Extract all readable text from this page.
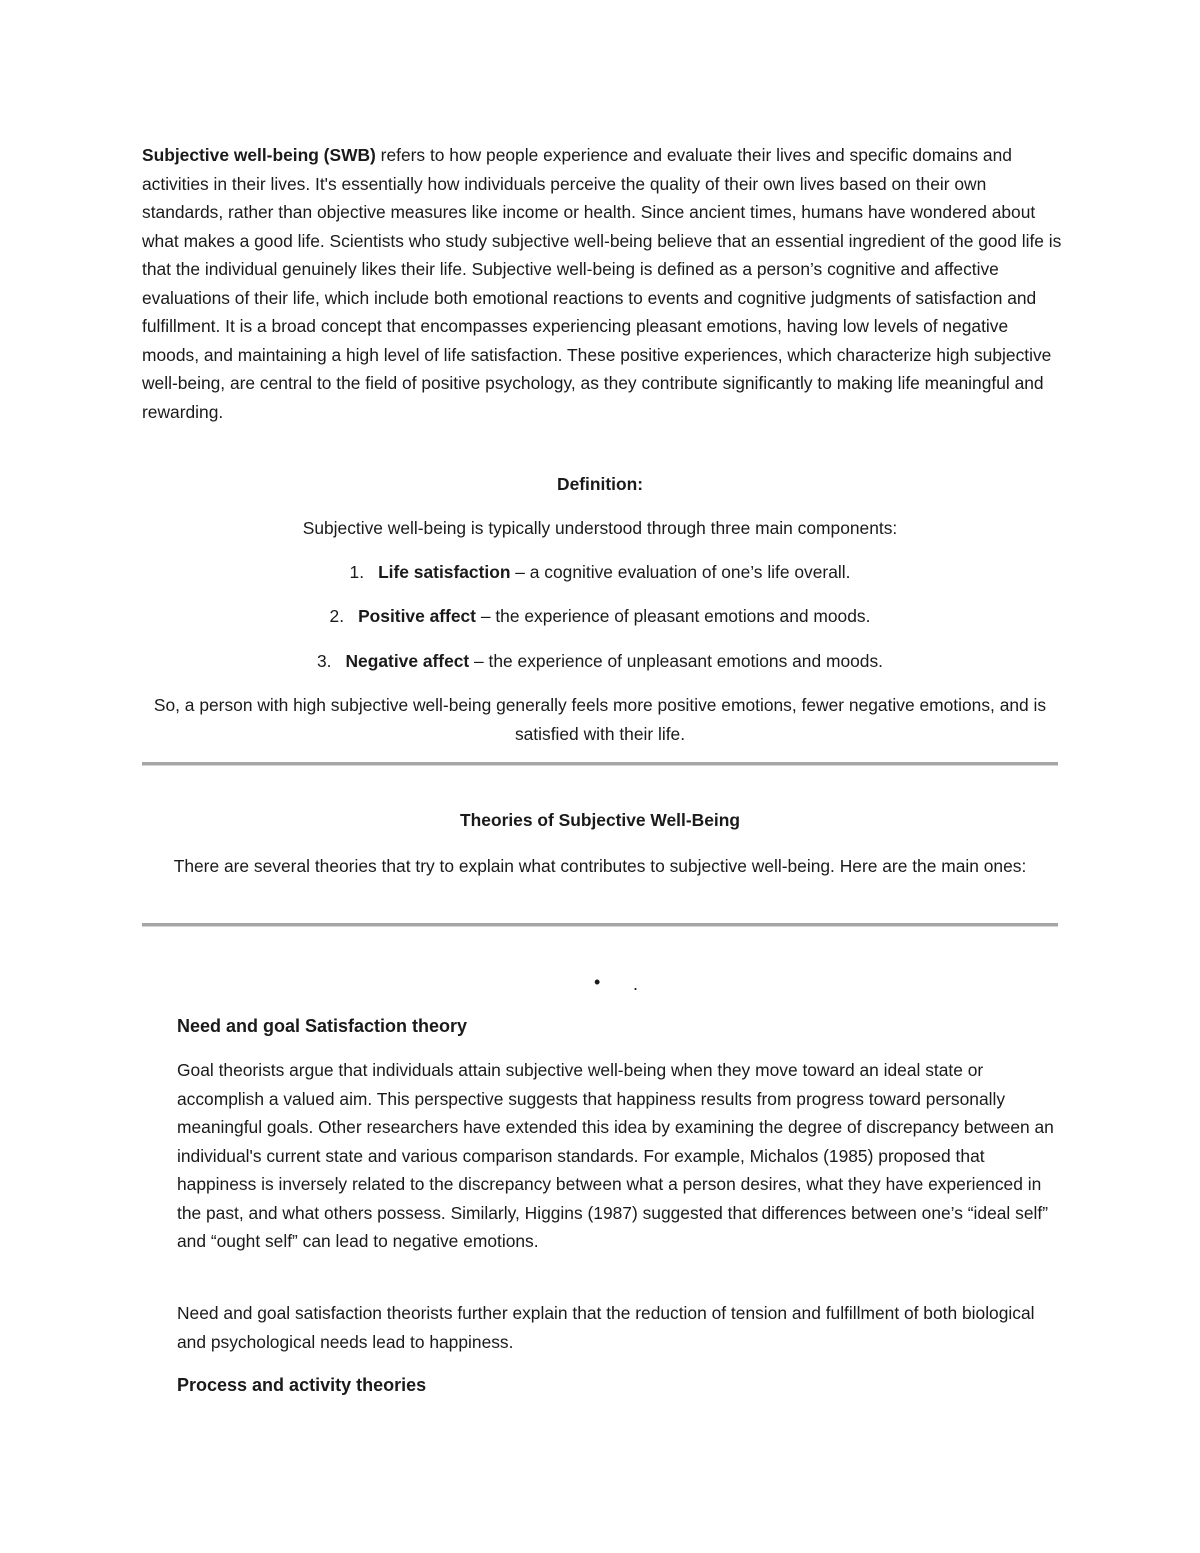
Subjective well-being (SWB) refers to how people experience and evaluate their lives and specific domains and activities in their lives. It's essentially how individuals perceive the quality of their own lives based on their own standards, rather than objective measures like income or health. Since ancient times, humans have wondered about what makes a good life. Scientists who study subjective well-being believe that an essential ingredient of the good life is that the individual genuinely likes their life. Subjective well-being is defined as a person’s cognitive and affective evaluations of their life, which include both emotional reactions to events and cognitive judgments of satisfaction and fulfillment. It is a broad concept that encompasses experiencing pleasant emotions, having low levels of negative moods, and maintaining a high level of life satisfaction. These positive experiences, which characterize high subjective well-being, are central to the field of positive psychology, as they contribute significantly to making life meaningful and rewarding.

Definition:

Subjective well-being is typically understood through three main components:

1. Life satisfaction – a cognitive evaluation of one’s life overall.

2. Positive affect – the experience of pleasant emotions and moods.

3. Negative affect – the experience of unpleasant emotions and moods.

So, a person with high subjective well-being generally feels more positive emotions, fewer negative emotions, and is satisfied with their life.

Theories of Subjective Well-Being

There are several theories that try to explain what contributes to subjective well-being. Here are the main ones:

• .

Need and goal Satisfaction theory

Goal theorists argue that individuals attain subjective well-being when they move toward an ideal state or accomplish a valued aim. This perspective suggests that happiness results from progress toward personally meaningful goals. Other researchers have extended this idea by examining the degree of discrepancy between an individual's current state and various comparison standards. For example, Michalos (1985) proposed that happiness is inversely related to the discrepancy between what a person desires, what they have experienced in the past, and what others possess. Similarly, Higgins (1987) suggested that differences between one’s “ideal self” and “ought self” can lead to negative emotions.

Need and goal satisfaction theorists further explain that the reduction of tension and fulfillment of both biological and psychological needs lead to happiness.

Process and activity theories
